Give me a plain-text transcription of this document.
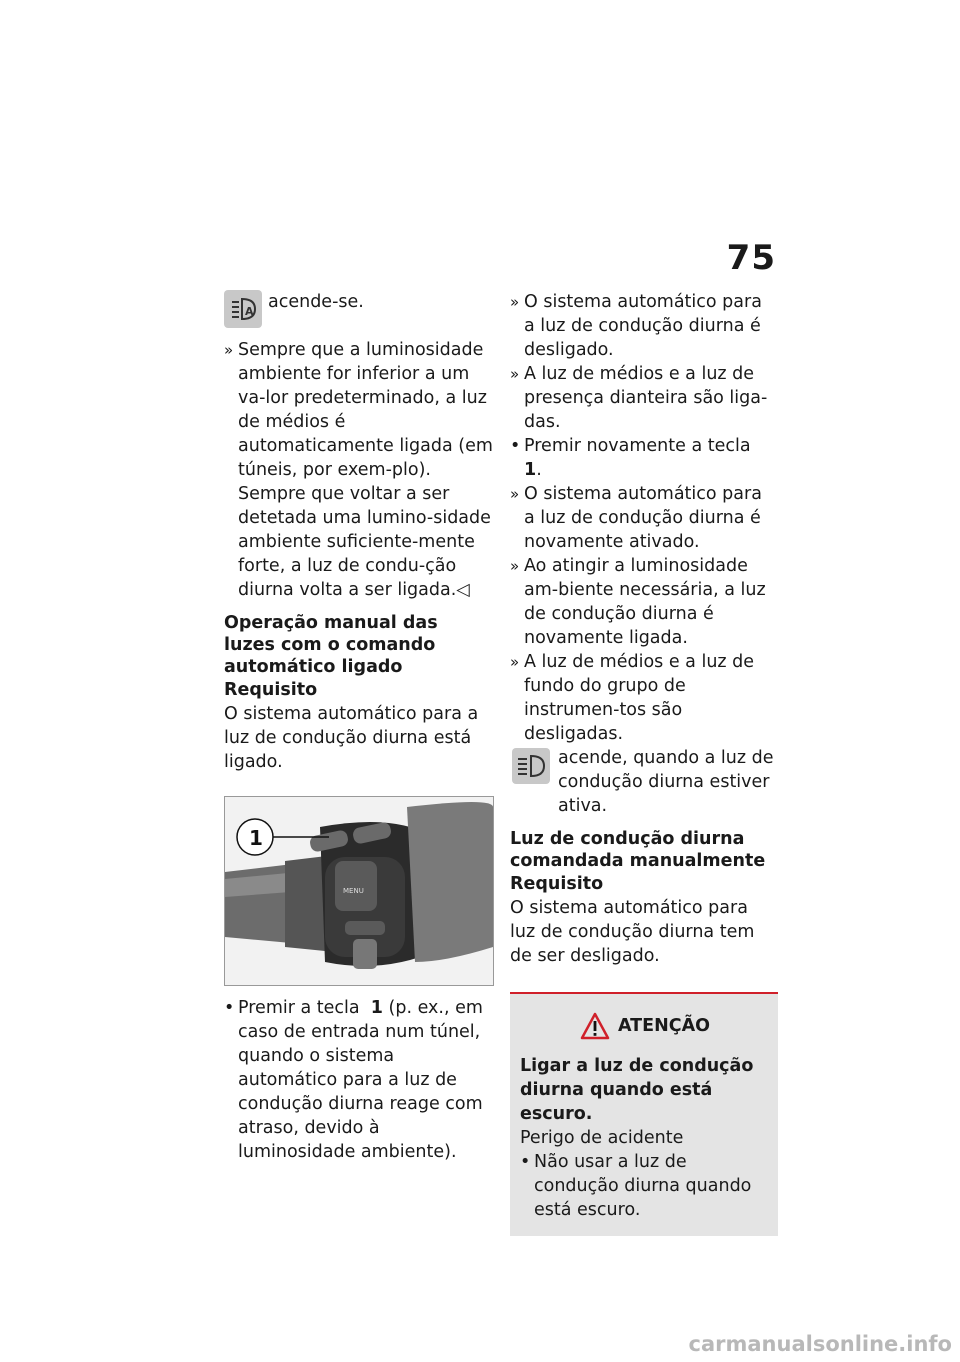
75
A acende-se.

» Sempre que a luminosidade ambiente for inferior a um va-lor predeterminado, a luz de médios é automaticamente ligada (em túneis, por exem-plo). Sempre que voltar a ser detetada uma lumino-sidade ambiente suficiente-mente forte, a luz de condu-ção diurna volta a ser ligada.◁

Operação manual das luzes com o comando automático ligado

Requisito

O sistema automático para a luz de condução diurna está ligado.

MENU
1

• Premir a tecla 1 (p. ex., em caso de entrada num túnel, quando o sistema automático para a luz de condução diurna reage com atraso, devido à luminosidade ambiente).

» O sistema automático para a luz de condução diurna é desligado.

» A luz de médios e a luz de presença dianteira são liga-das.

• Premir novamente a tecla  1.

» O sistema automático para a luz de condução diurna é novamente ativado.

» Ao atingir a luminosidade am-biente necessária, a luz de condução diurna é novamente ligada.

» A luz de médios e a luz de fundo do grupo de instrumen-tos são desligadas.

acende, quando a luz de condução diurna estiver ativa.

Luz de condução diurna comandada manualmente

Requisito

O sistema automático para luz de condução diurna tem de ser desligado.

ATENÇÃO

Ligar a luz de condução diurna quando está escuro.

Perigo de acidente

• Não usar a luz de condução diurna quando está escuro.

carmanualsonline.info
